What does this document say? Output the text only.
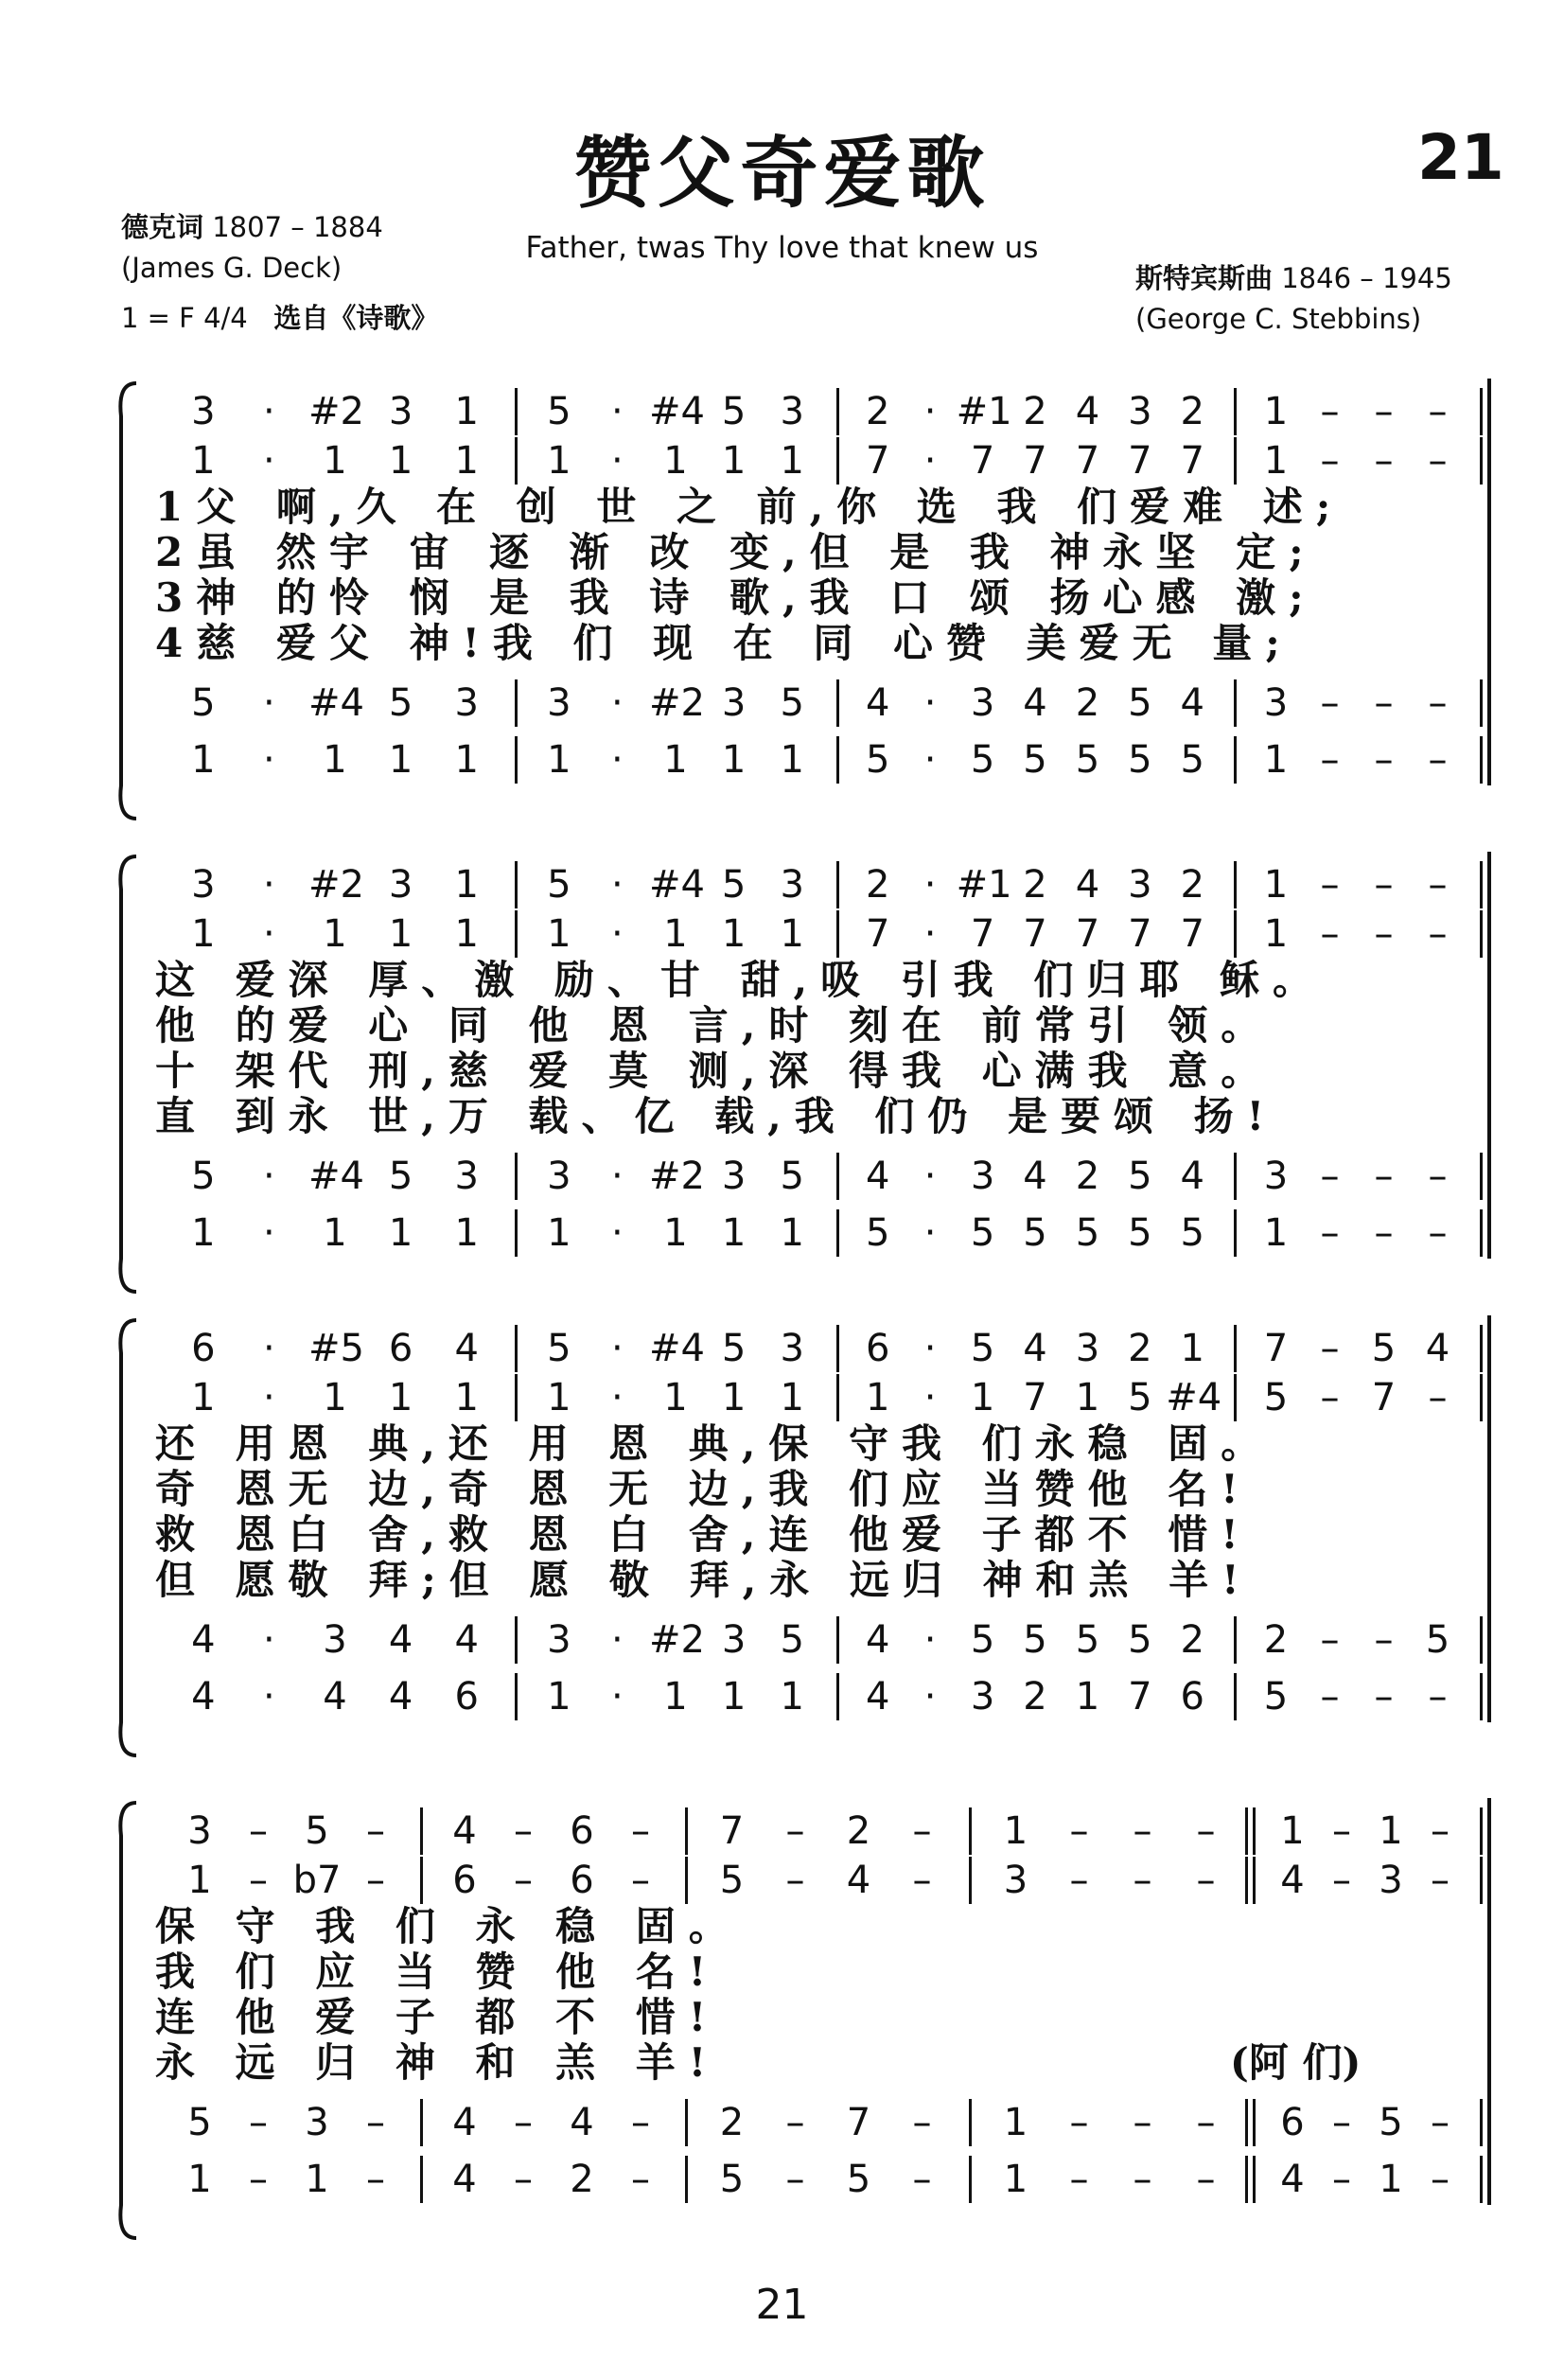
赞父奇爱歌	21
Father, twas Thy love that knew us
德克词 1807 – 1884
(James G. Deck)
1 = F 4/4 选自《诗歌》
斯特宾斯曲 1846 – 1945
(George C. Stebbins)
3	· #2 3	1	5	· #4 5 3	2 · #1 2 4 3 2	1 – – –
1	·	1	1	1	1	·	1 1 1	7 · 7 7 7 7 7	1 – – –
1父 啊,久 在 创 世 之 前,你 选 我 们爱难 述;
2虽 然宇 宙 逐 渐 改 变,但 是 我 神永坚 定;
3神 的怜 悯 是 我 诗 歌,我 口 颂 扬心感 激;
4慈 爱父 神!我 们 现 在 同 心赞 美爱无 量;
5	· #4 5	3	3	· #2 3 5	4 · 3 4 2 5 4	3 – – –
1	·	1	1	1	1	·	1 1 1	5 · 5 5 5 5 5	1 – – –
3	· #2 3	1	5	· #4 5 3	2 · #1 2 4 3 2	1 – – –
1	·	1	1	1	1	·	1 1 1	7 · 7 7 7 7 7	1 – – –
这 爱深 厚、激 励、甘 甜,吸 引我 们归耶 稣。
他 的爱 心 同 他 恩 言,时 刻在 前常引 领。
十 架代 刑,慈 爱 莫 测,深 得我 心满我 意。
直 到永 世,万 载、亿 载,我 们仍 是要颂 扬!
5	· #4 5	3	3	· #2 3 5	4 · 3 4 2 5 4	3 – – –
1	·	1	1	1	1	·	1 1 1	5 · 5 5 5 5 5	1 – – –
6	· #5 6	4	5	· #4 5 3	6 · 5 4 3 2 1	7 – 5 4
1	·	1	1	1	1	·	1 1 1	1 · 1 7 1 5 #4	5 – 7 –
还 用恩 典,还 用 恩 典,保 守我 们永稳 固。
奇 恩无 边,奇 恩 无 边,我 们应 当赞他 名!
救 恩白 舍,救 恩 白 舍,连 他爱 子都不 惜!
但 愿敬 拜;但 愿 敬 拜,永 远归 神和羔 羊!
4	·	3	4	4	3	· #2 3 5	4 · 5 5 5 5 2	2 – – 5
4	·	4	4	6	1	·	1 1 1	4 · 3 2 1 7 6	5 – – –
3 – 5 –	4 – 6 –	7	–	2	–	1	–	–	–	1 – 1 –
1 – b7 –	6 – 6 –	5	–	4	–	3	–	–	–	4 – 3 –
保 守 我 们 永 稳 固。
我 们 应 当 赞 他 名!
连 他 爱 子 都 不 惜!
永 远 归 神 和 羔 羊!	(阿 们)
5 – 3 –	4 – 4 –	2	–	7	–	1	–	–	–	6 – 5 –
1 – 1 –	4 – 2 –	5	–	5	–	1	–	–	–	4 – 1 –
21
